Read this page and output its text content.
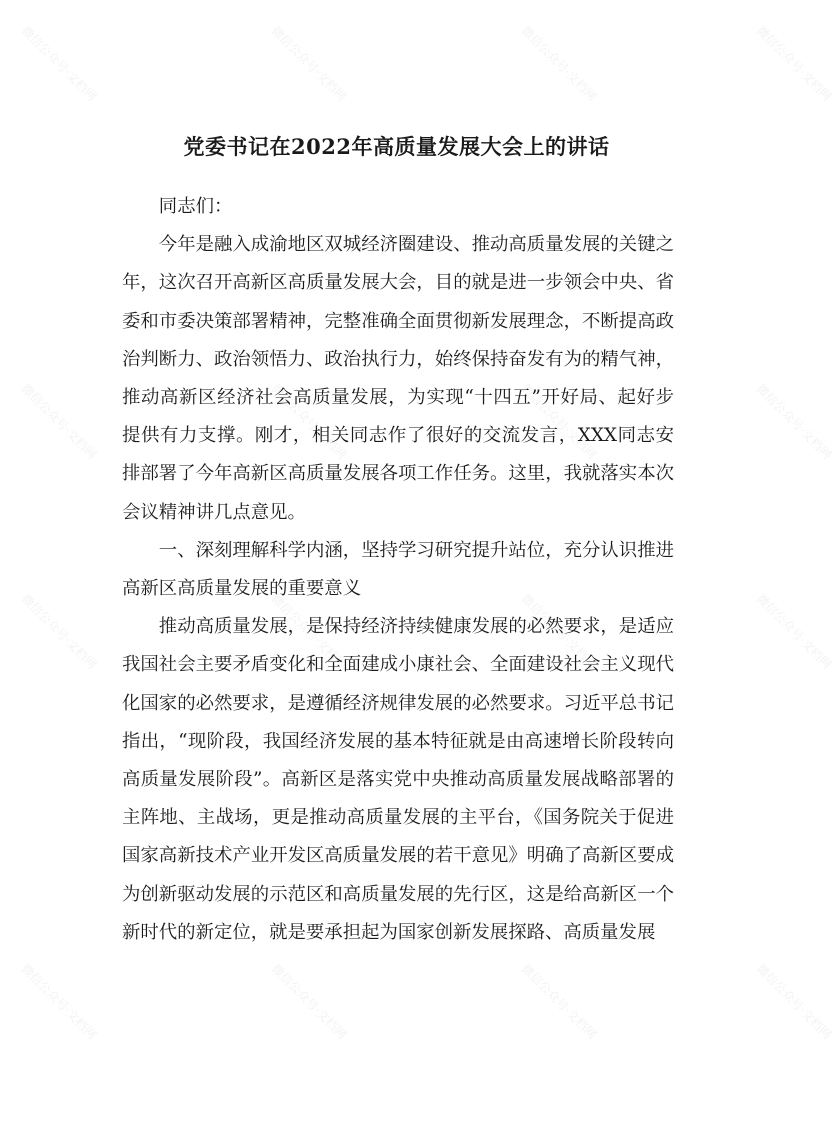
党委书记在2022年高质量发展大会上的讲话

同志们：

今年是融入成渝地区双城经济圈建设、推动高质量发展的关键之年，这次召开高新区高质量发展大会，目的就是进一步领会中央、省委和市委决策部署精神，完整准确全面贯彻新发展理念，不断提高政治判断力、政治领悟力、政治执行力，始终保持奋发有为的精气神，推动高新区经济社会高质量发展，为实现“十四五”开好局、起好步提供有力支撑。刚才，相关同志作了很好的交流发言，XXX同志安排部署了今年高新区高质量发展各项工作任务。这里，我就落实本次会议精神讲几点意见。

一、深刻理解科学内涵，坚持学习研究提升站位，充分认识推进高新区高质量发展的重要意义

推动高质量发展，是保持经济持续健康发展的必然要求，是适应我国社会主要矛盾变化和全面建成小康社会、全面建设社会主义现代化国家的必然要求，是遵循经济规律发展的必然要求。习近平总书记指出，“现阶段，我国经济发展的基本特征就是由高速增长阶段转向高质量发展阶段”。高新区是落实党中央推动高质量发展战略部署的主阵地、主战场，更是推动高质量发展的主平台，《国务院关于促进国家高新技术产业开发区高质量发展的若干意见》明确了高新区要成为创新驱动发展的示范区和高质量发展的先行区，这是给高新区一个新时代的新定位，就是要承担起为国家创新发展探路、高质量发展

微信公众号·文档网	微信公众号·文档网	微信公众号·文档网	微信公众号·文档网
微信公众号·文档网	微信公众号·文档网	微信公众号·文档网	微信公众号·文档网
微信公众号·文档网	微信公众号·文档网	微信公众号·文档网	微信公众号·文档网
微信公众号·文档网	微信公众号·文档网	微信公众号·文档网	微信公众号·文档网
